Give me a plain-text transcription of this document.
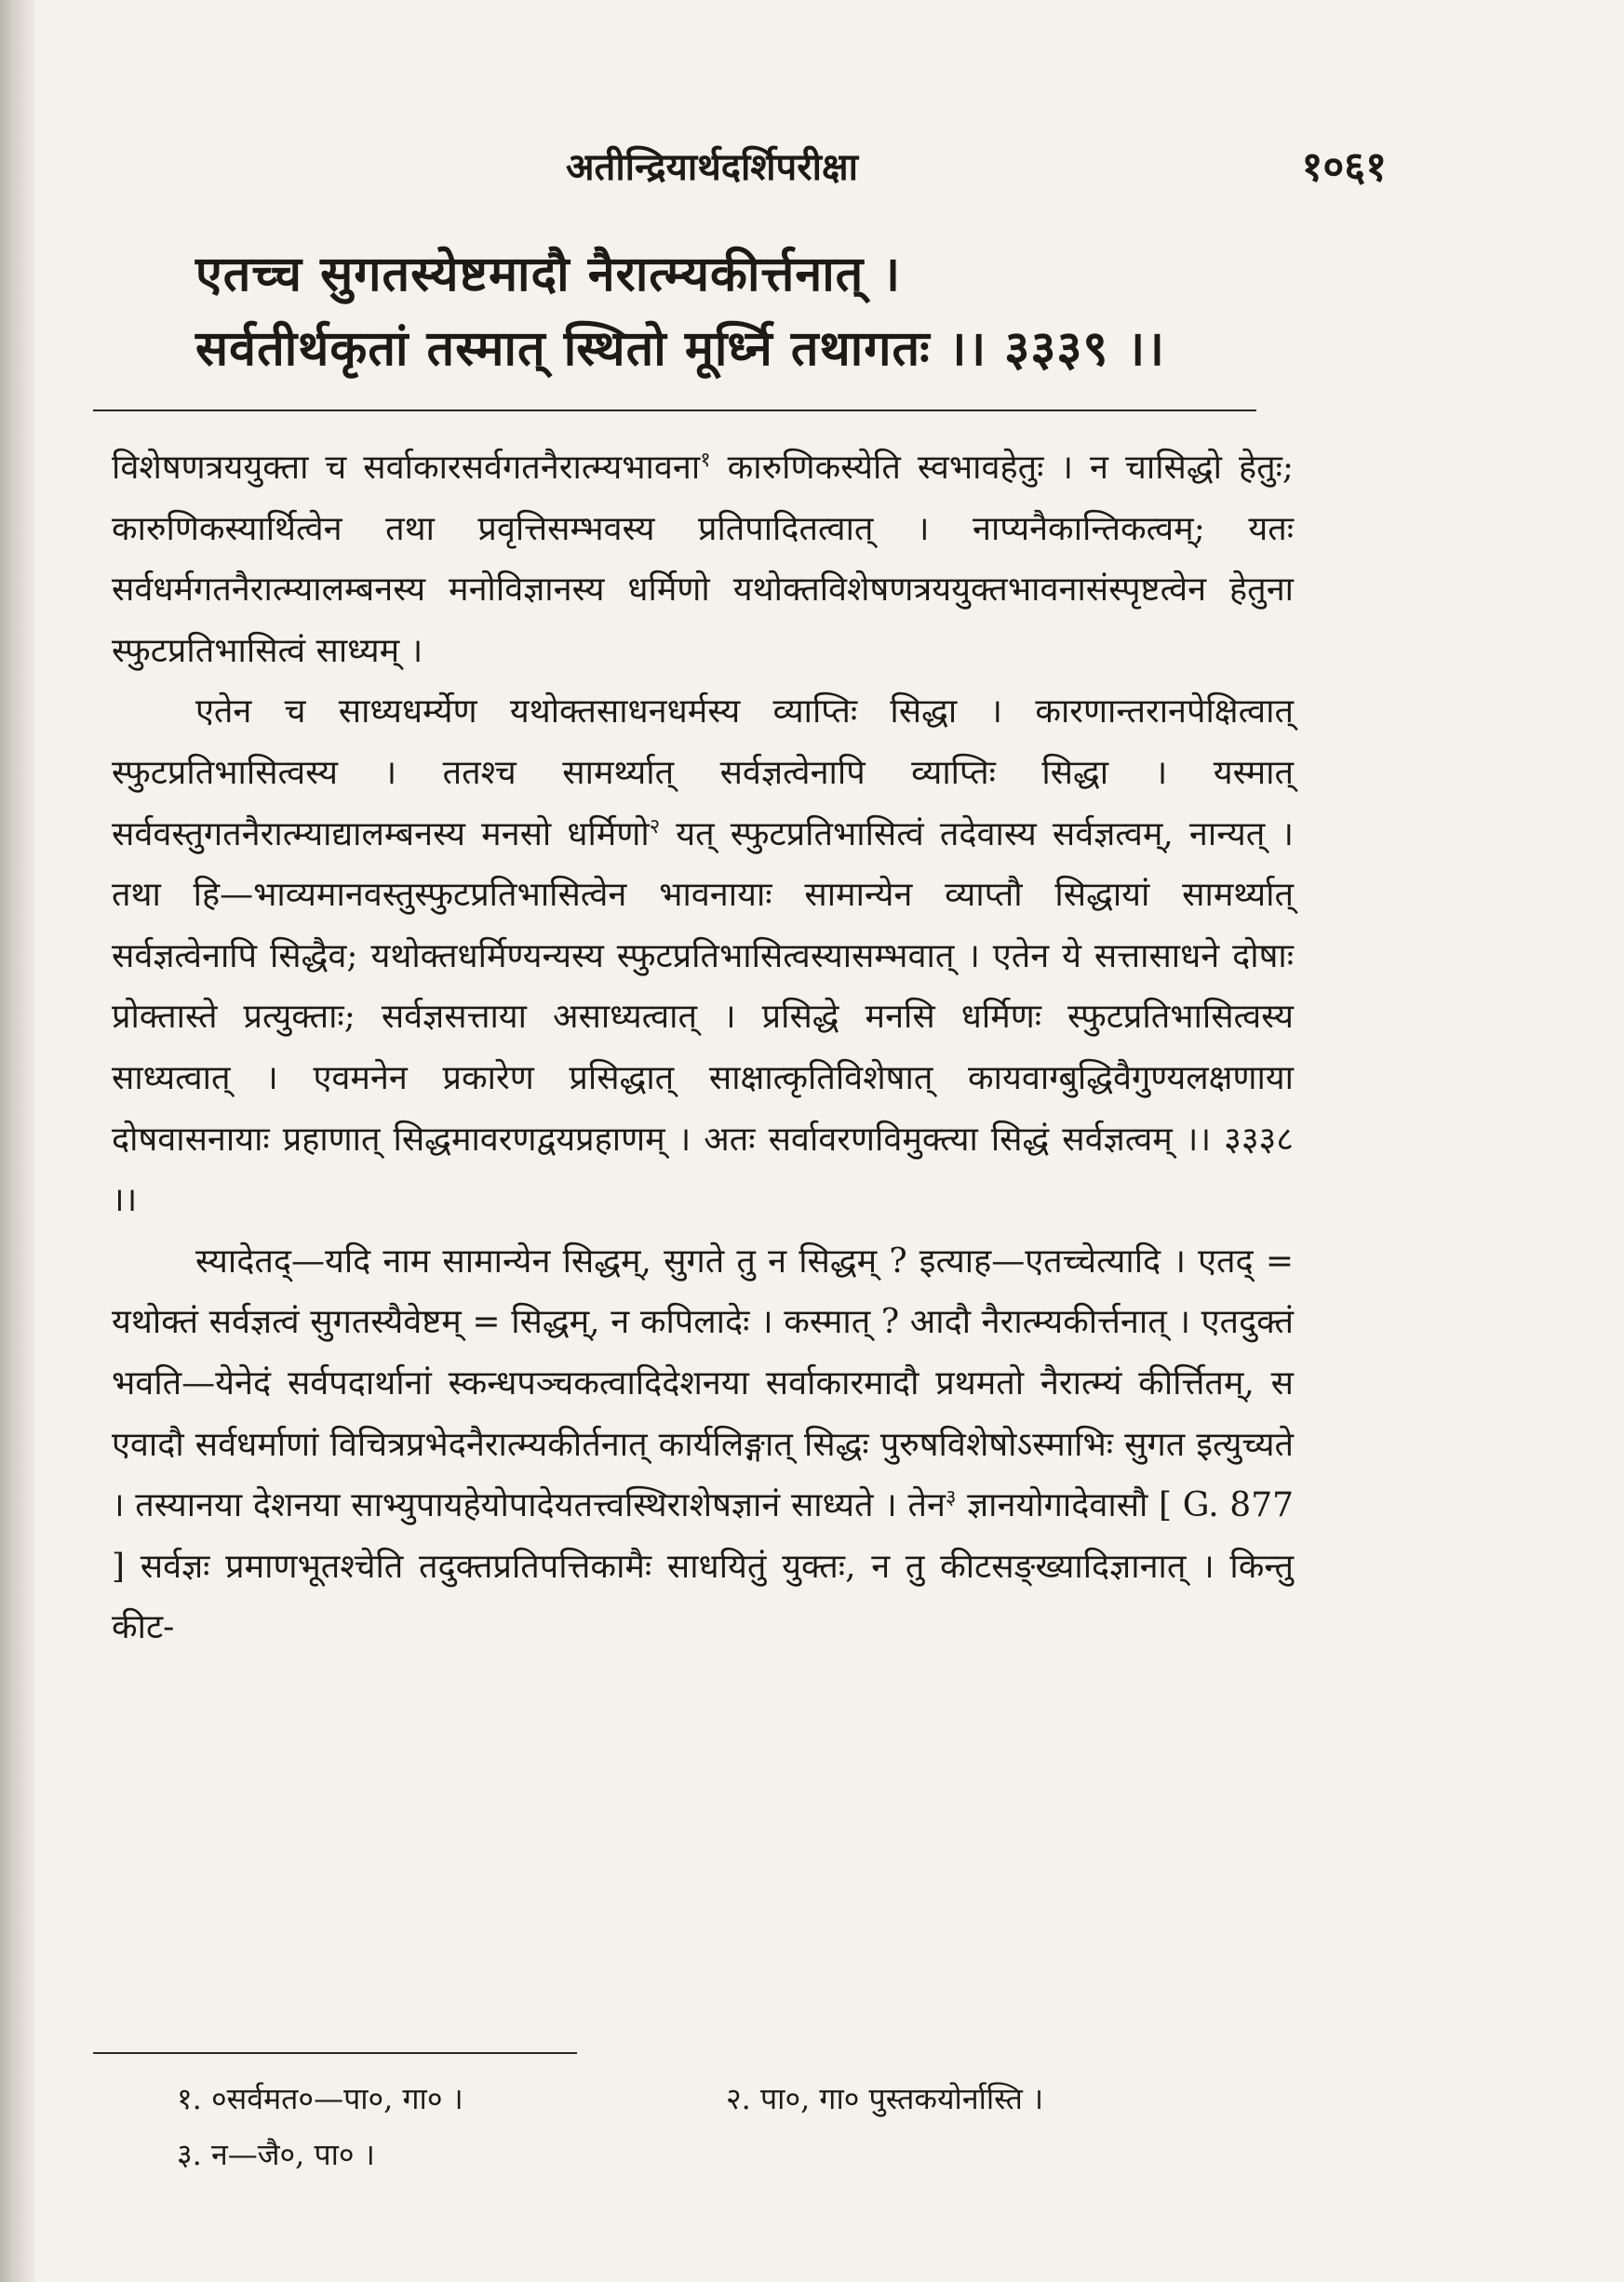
अतीन्द्रियार्थदर्शिपरीक्षा	१०६१
एतच्च सुगतस्येष्टमादौ नैरात्म्यकीर्त्तनात् ।
सर्वतीर्थकृतां तस्मात् स्थितो मूर्ध्नि तथागतः ।। ३३३९ ।।

विशेषणत्रययुक्ता च सर्वाकारसर्वगतनैरात्म्यभावना$^१$ कारुणिकस्येति स्वभावहेतुः । न चासिद्धो हेतुः; कारुणिकस्यार्थित्वेन तथा प्रवृत्तिसम्भवस्य प्रतिपादितत्वात् । नाप्यनैकान्तिकत्वम्; यतः सर्वधर्मगतनैरात्म्यालम्बनस्य मनोविज्ञानस्य धर्मिणो यथोक्तविशेषणत्रययुक्तभावनासंस्पृष्टत्वेन हेतुना स्फुटप्रतिभासित्वं साध्यम् ।

एतेन च साध्यधर्म्येण यथोक्तसाधनधर्मस्य व्याप्तिः सिद्धा । कारणान्तरानपेक्षित्वात् स्फुटप्रतिभासित्वस्य । ततश्च सामर्थ्यात् सर्वज्ञत्वेनापि व्याप्तिः सिद्धा । यस्मात् सर्ववस्तुगतनैरात्म्याद्यालम्बनस्य मनसो धर्मिणो$^२$ यत् स्फुटप्रतिभासित्वं तदेवास्य सर्वज्ञत्वम्, नान्यत् । तथा हि—भाव्यमानवस्तुस्फुटप्रतिभासित्वेन भावनायाः सामान्येन व्याप्तौ सिद्धायां सामर्थ्यात् सर्वज्ञत्वेनापि सिद्धैव; यथोक्तधर्मिण्यन्यस्य स्फुटप्रतिभासित्वस्यासम्भवात् । एतेन ये सत्तासाधने दोषाः प्रोक्तास्ते प्रत्युक्ताः; सर्वज्ञसत्ताया असाध्यत्वात् । प्रसिद्धे मनसि धर्मिणः स्फुटप्रतिभासित्वस्य साध्यत्वात् । एवमनेन प्रकारेण प्रसिद्धात् साक्षात्कृतिविशेषात् कायवाग्बुद्धिवैगुण्यलक्षणाया दोषवासनायाः प्रहाणात् सिद्धमावरणद्वयप्रहाणम् । अतः सर्वावरणविमुक्त्या सिद्धं सर्वज्ञत्वम् ।। ३३३८ ।।

स्यादेतद्—यदि नाम सामान्येन सिद्धम्, सुगते तु न सिद्धम् ? इत्याह—एतच्चेत्यादि । एतद् = यथोक्तं सर्वज्ञत्वं सुगतस्यैवेष्टम् = सिद्धम्, न कपिलादेः । कस्मात् ? आदौ नैरात्म्यकीर्त्तनात् । एतदुक्तं भवति—येनेदं सर्वपदार्थानां स्कन्धपञ्चकत्वादिदेशनया सर्वाकारमादौ प्रथमतो नैरात्म्यं कीर्त्तितम्, स एवादौ सर्वधर्माणां विचित्रप्रभेदनैरात्म्यकीर्तनात् कार्यलिङ्गात् सिद्धः पुरुषविशेषोऽस्माभिः सुगत इत्युच्यते । तस्यानया देशनया साभ्युपायहेयोपादेयतत्त्वस्थिराशेषज्ञानं साध्यते । तेन$^३$ ज्ञानयोगादेवासौ [ G. 877 ] सर्वज्ञः प्रमाणभूतश्चेति तदुक्तप्रतिपत्तिकामैः साधयितुं युक्तः, न तु कीटसङ्ख्यादिज्ञानात् । किन्तु कीट-

१. ०सर्वमत०—पा०, गा० ।	२. पा०, गा० पुस्तकयोर्नास्ति ।
३. न—जै०, पा० ।
